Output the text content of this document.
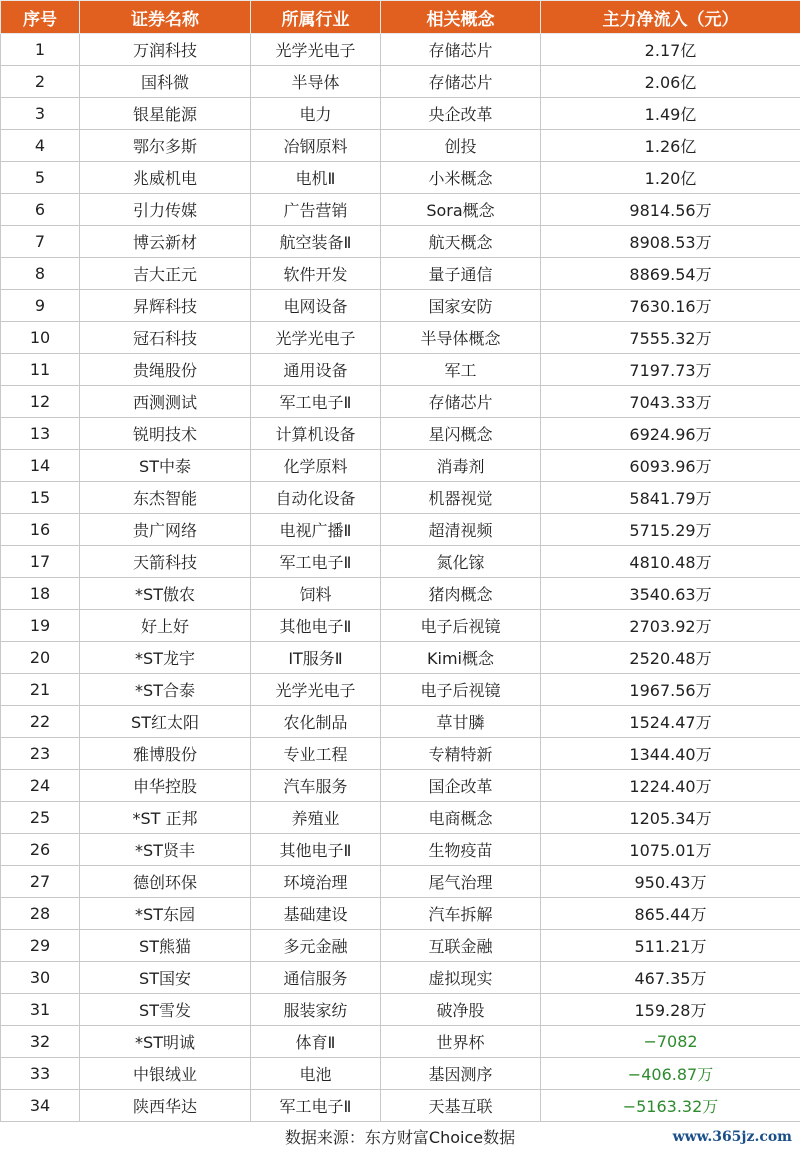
序号	证券名称	所属行业	相关概念	主力净流入（元）
1	万润科技	光学光电子	存储芯片	2.17亿
2	国科微	半导体	存储芯片	2.06亿
3	银星能源	电力	央企改革	1.49亿
4	鄂尔多斯	冶钢原料	创投	1.26亿
5	兆威机电	电机Ⅱ	小米概念	1.20亿
6	引力传媒	广告营销	Sora概念	9814.56万
7	博云新材	航空装备Ⅱ	航天概念	8908.53万
8	吉大正元	软件开发	量子通信	8869.54万
9	昇辉科技	电网设备	国家安防	7630.16万
10	冠石科技	光学光电子	半导体概念	7555.32万
11	贵绳股份	通用设备	军工	7197.73万
12	西测测试	军工电子Ⅱ	存储芯片	7043.33万
13	锐明技术	计算机设备	星闪概念	6924.96万
14	ST中泰	化学原料	消毒剂	6093.96万
15	东杰智能	自动化设备	机器视觉	5841.79万
16	贵广网络	电视广播Ⅱ	超清视频	5715.29万
17	天箭科技	军工电子Ⅱ	氮化镓	4810.48万
18	*ST傲农	饲料	猪肉概念	3540.63万
19	好上好	其他电子Ⅱ	电子后视镜	2703.92万
20	*ST龙宇	IT服务Ⅱ	Kimi概念	2520.48万
21	*ST合泰	光学光电子	电子后视镜	1967.56万
22	ST红太阳	农化制品	草甘膦	1524.47万
23	雅博股份	专业工程	专精特新	1344.40万
24	申华控股	汽车服务	国企改革	1224.40万
25	*ST 正邦	养殖业	电商概念	1205.34万
26	*ST贤丰	其他电子Ⅱ	生物疫苗	1075.01万
27	德创环保	环境治理	尾气治理	950.43万
28	*ST东园	基础建设	汽车拆解	865.44万
29	ST熊猫	多元金融	互联金融	511.21万
30	ST国安	通信服务	虚拟现实	467.35万
31	ST雪发	服装家纺	破净股	159.28万
32	*ST明诚	体育Ⅱ	世界杯	−7082
33	中银绒业	电池	基因测序	−406.87万
34	陕西华达	军工电子Ⅱ	天基互联	−5163.32万
数据来源：东方财富Choice数据	www.365jz.com
